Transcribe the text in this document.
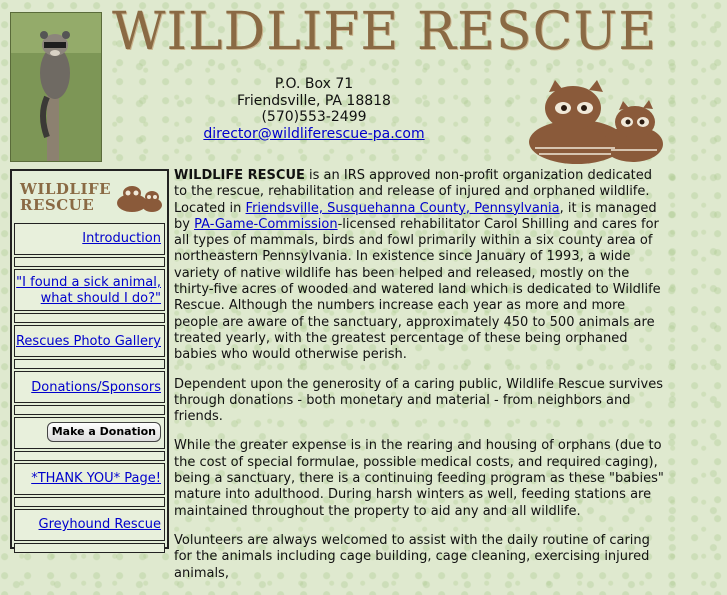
WILDLIFE RESCUE
P.O. Box 71
Friendsville, PA 18818
(570)553-2499
director@wildliferescue-pa.com
WILDLIFE
RESCUE
Introduction
"I found a sick animal, what should I do?"
Rescues Photo Gallery
Donations/Sponsors
Make a Donation
*THANK YOU* Page!
Greyhound Rescue

WILDLIFE RESCUE is an IRS approved non-profit organization dedicated to the rescue, rehabilitation and release of injured and orphaned wildlife. Located in Friendsville, Susquehanna County, Pennsylvania, it is managed by PA-Game-Commission-licensed rehabilitator Carol Shilling and cares for all types of mammals, birds and fowl primarily within a six county area of northeastern Pennsylvania. In existence since January of 1993, a wide variety of native wildlife has been helped and released, mostly on the thirty-five acres of wooded and watered land which is dedicated to Wildlife Rescue. Although the numbers increase each year as more and more people are aware of the sanctuary, approximately 450 to 500 animals are treated yearly, with the greatest percentage of these being orphaned babies who would otherwise perish.

Dependent upon the generosity of a caring public, Wildlife Rescue survives through donations - both monetary and material - from neighbors and friends.

While the greater expense is in the rearing and housing of orphans (due to the cost of special formulae, possible medical costs, and required caging), being a sanctuary, there is a continuing feeding program as these "babies" mature into adulthood. During harsh winters as well, feeding stations are maintained throughout the property to aid any and all wildlife.

Volunteers are always welcomed to assist with the daily routine of caring for the animals including cage building, cage cleaning, exercising injured animals,
